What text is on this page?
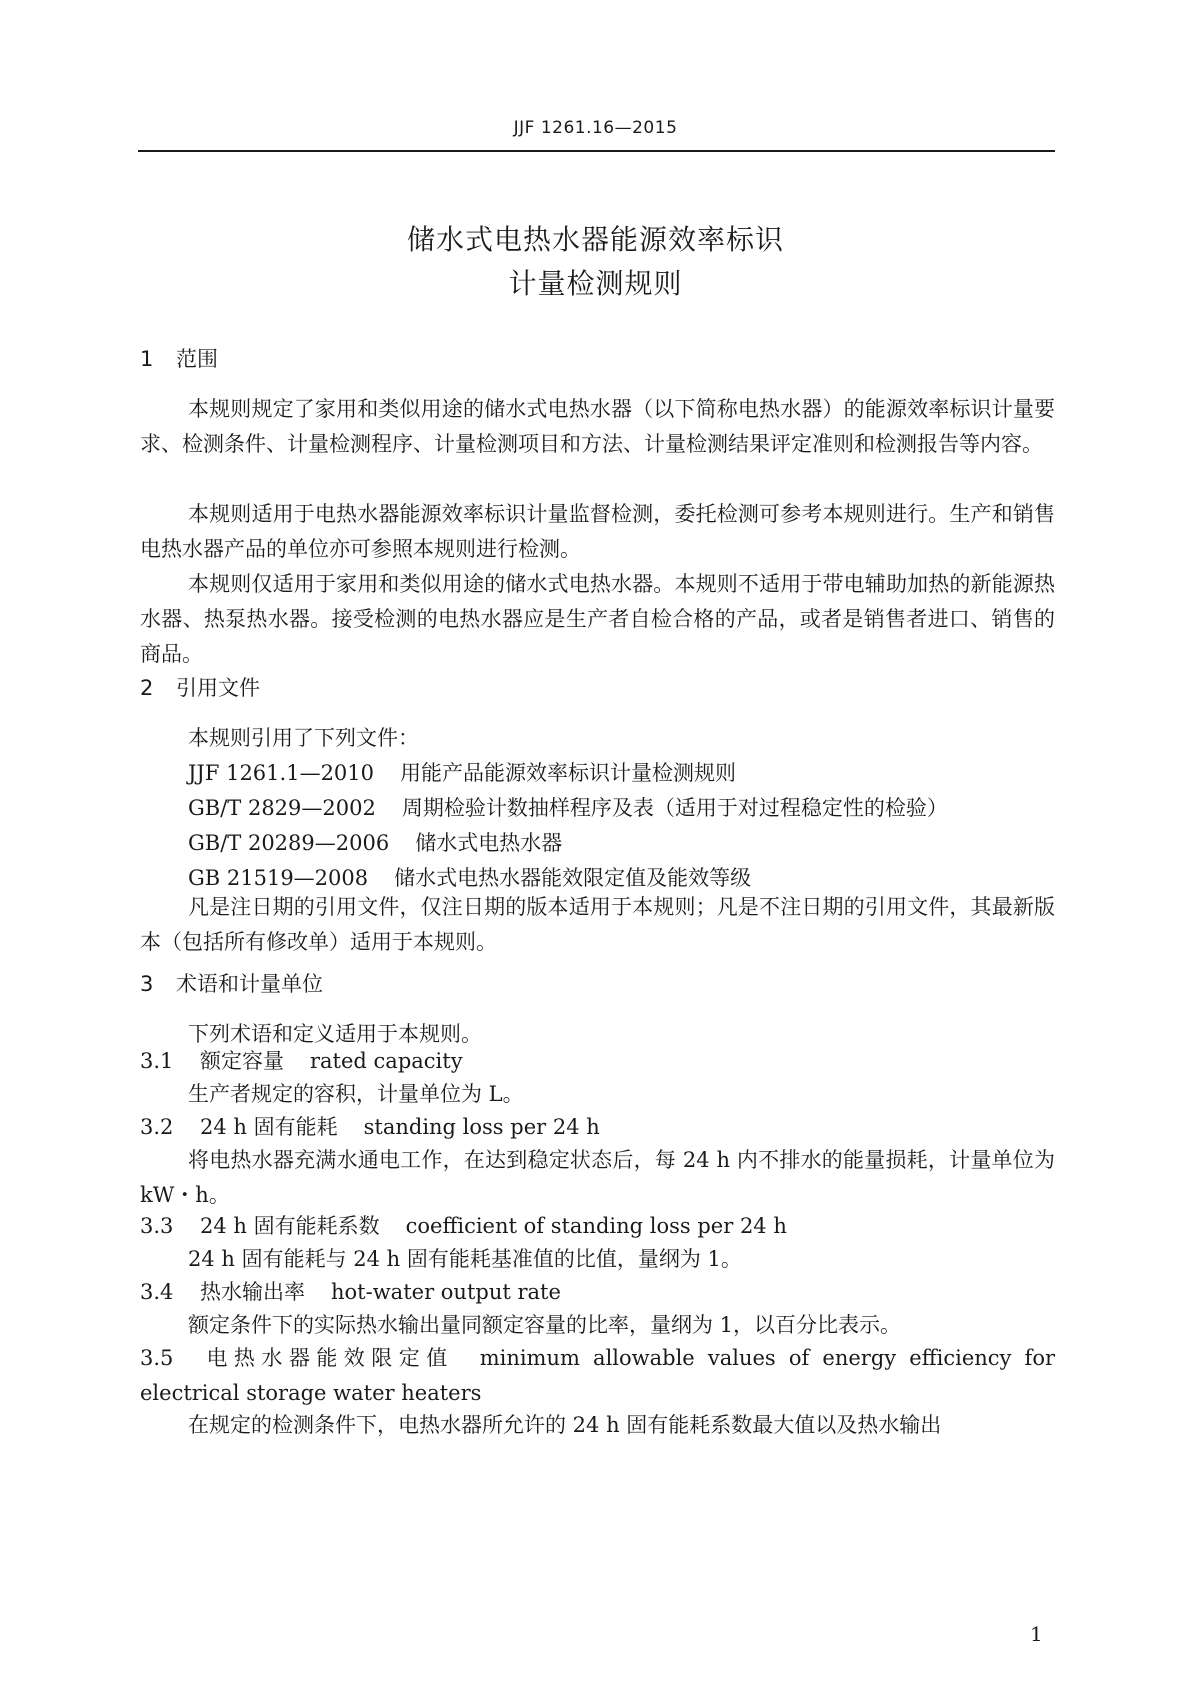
JJF 1261.16—2015
储水式电热水器能源效率标识
计量检测规则
1 范围
本规则规定了家用和类似用途的储水式电热水器（以下简称电热水器）的能源效率标识计量要求、检测条件、计量检测程序、计量检测项目和方法、计量检测结果评定准则和检测报告等内容。
本规则适用于电热水器能源效率标识计量监督检测，委托检测可参考本规则进行。生产和销售电热水器产品的单位亦可参照本规则进行检测。
本规则仅适用于家用和类似用途的储水式电热水器。本规则不适用于带电辅助加热的新能源热水器、热泵热水器。接受检测的电热水器应是生产者自检合格的产品，或者是销售者进口、销售的商品。
2 引用文件
本规则引用了下列文件：
JJF 1261.1—2010 用能产品能源效率标识计量检测规则
GB/T 2829—2002 周期检验计数抽样程序及表（适用于对过程稳定性的检验）
GB/T 20289—2006 储水式电热水器
GB 21519—2008 储水式电热水器能效限定值及能效等级
凡是注日期的引用文件，仅注日期的版本适用于本规则；凡是不注日期的引用文件，其最新版本（包括所有修改单）适用于本规则。
3 术语和计量单位
下列术语和定义适用于本规则。
3.1 额定容量 rated capacity
生产者规定的容积，计量单位为 L。
3.2 24 h 固有能耗 standing loss per 24 h
将电热水器充满水通电工作，在达到稳定状态后，每 24 h 内不排水的能量损耗，计量单位为 kW・h。
3.3 24 h 固有能耗系数 coefficient of standing loss per 24 h
24 h 固有能耗与 24 h 固有能耗基准值的比值，量纲为 1。
3.4 热水输出率 hot-water output rate
额定条件下的实际热水输出量同额定容量的比率，量纲为 1，以百分比表示。
3.5 电热水器能效限定值 minimum allowable values of energy efficiency for electrical storage water heaters
在规定的检测条件下，电热水器所允许的 24 h 固有能耗系数最大值以及热水输出
1
